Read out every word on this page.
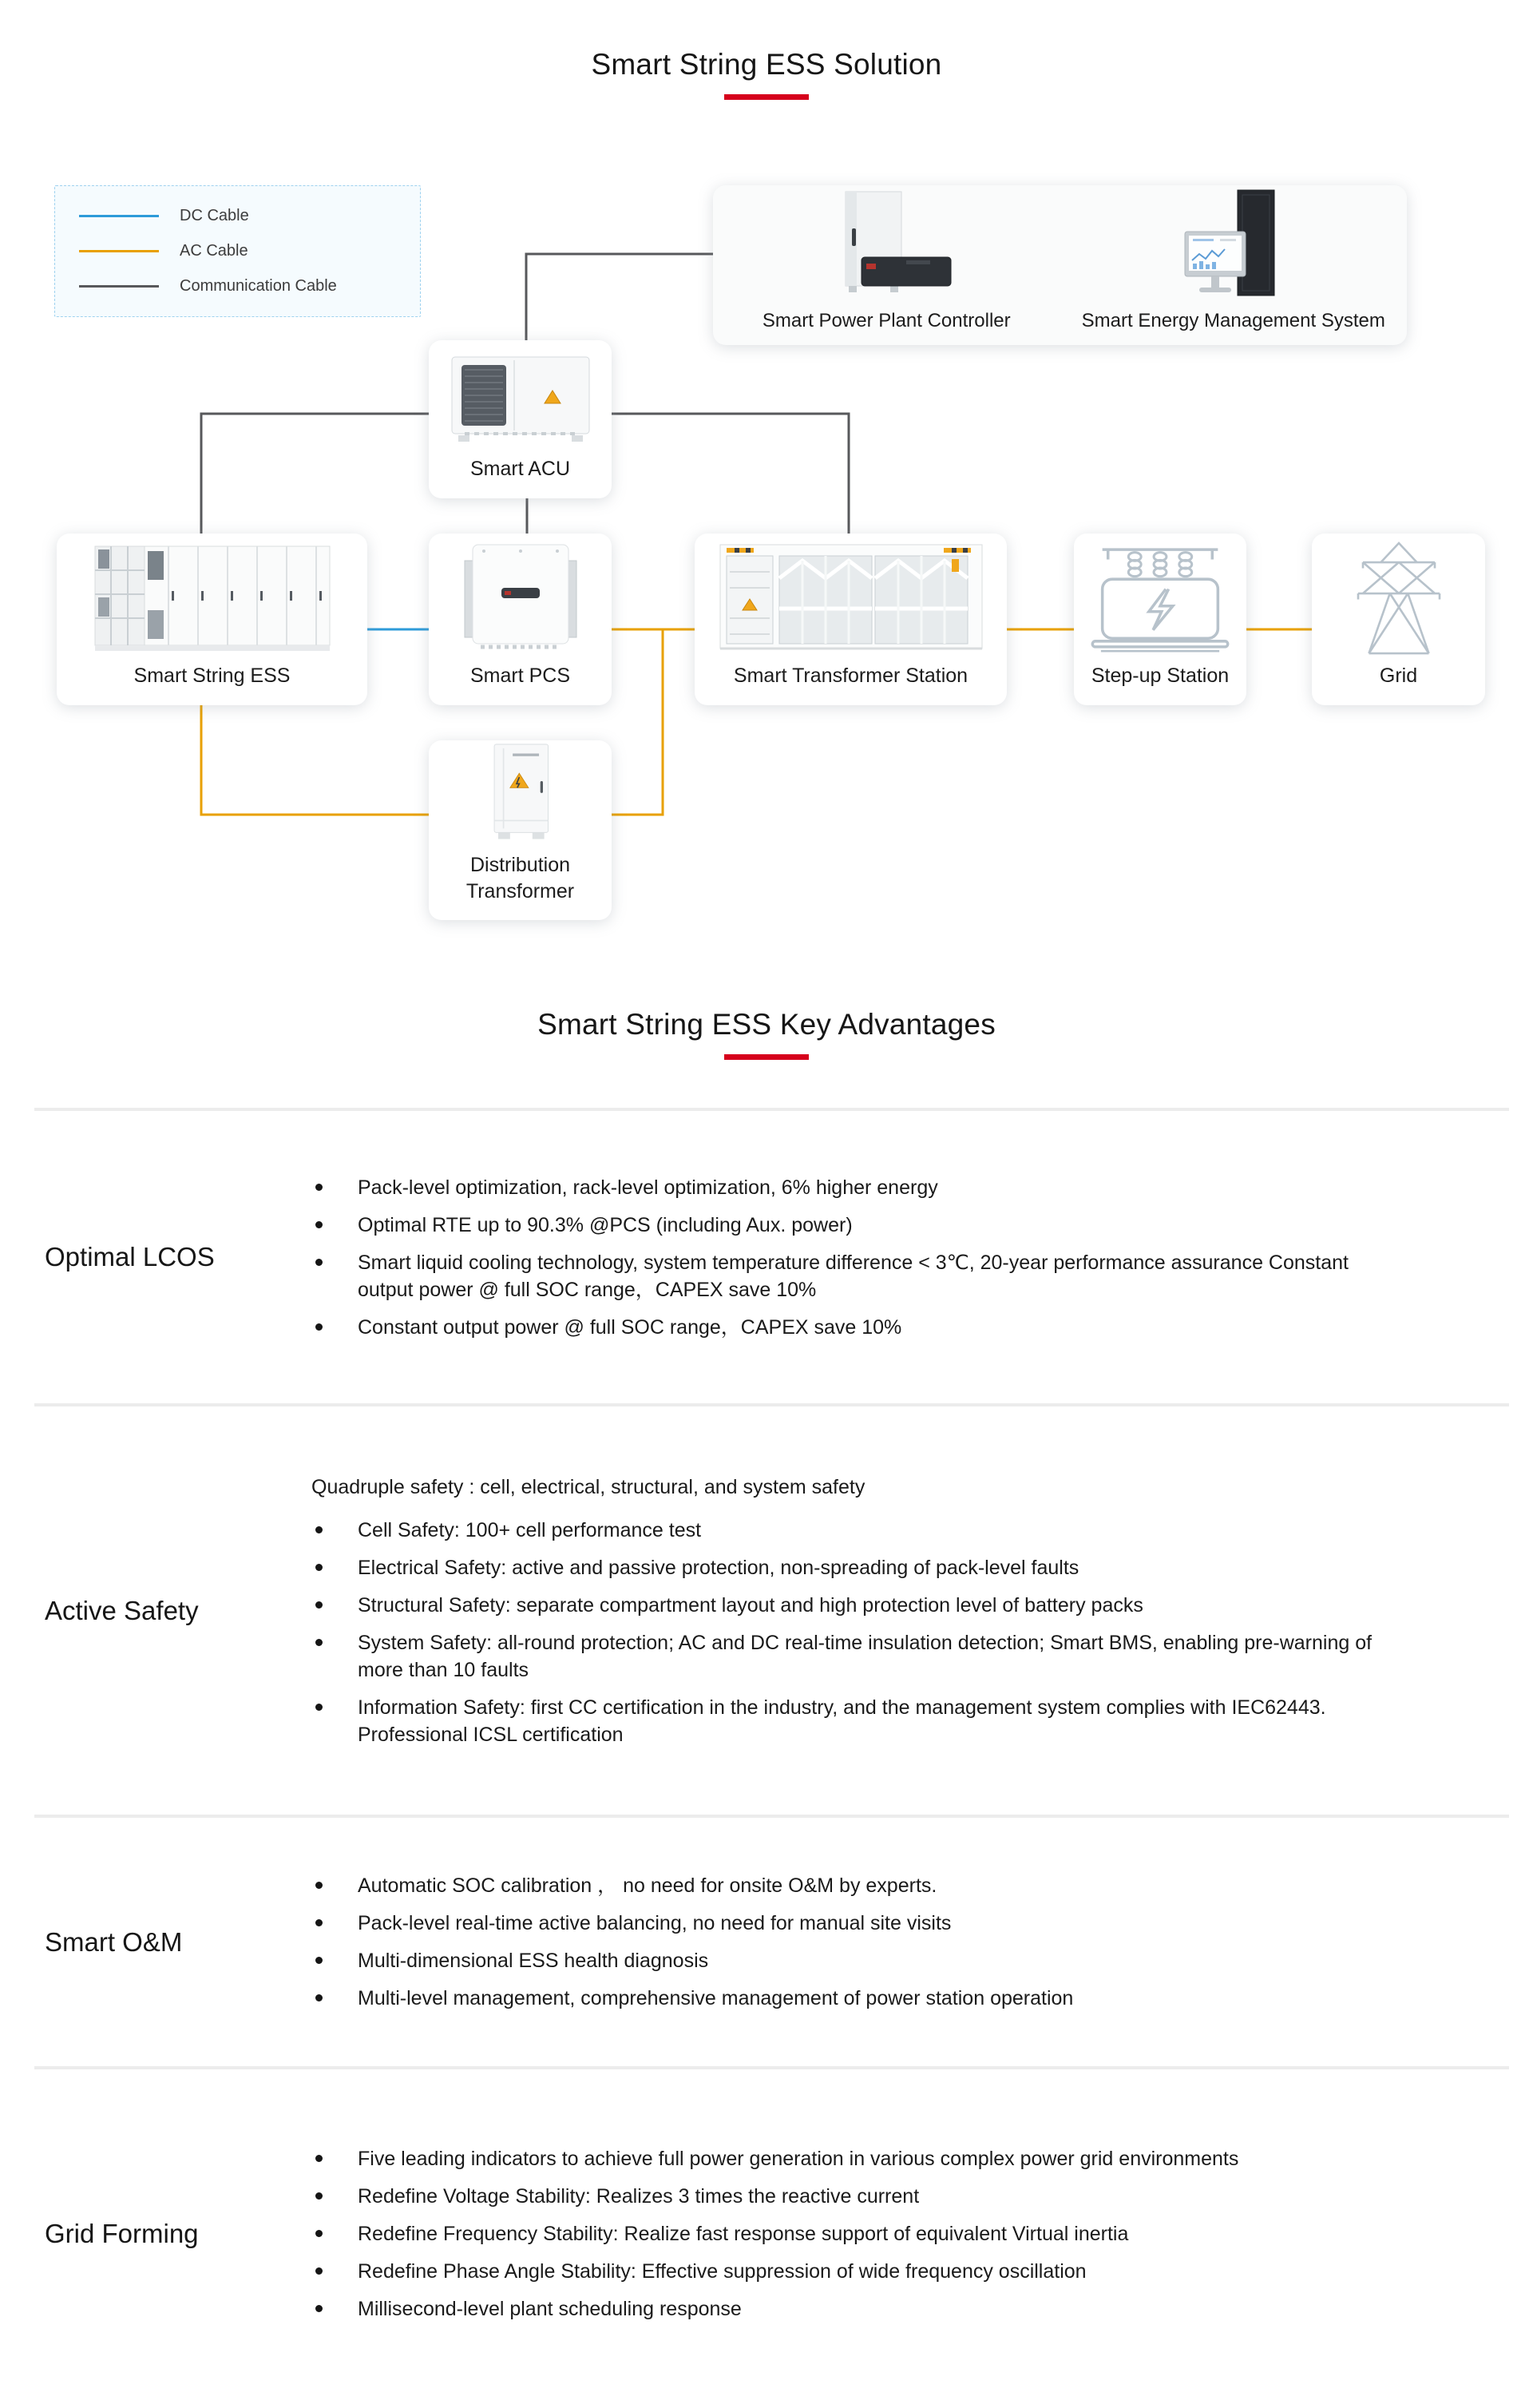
Smart String ESS Solution
DC Cable
AC Cable
Communication Cable
Smart Power Plant Controller	Smart Energy Management System
Smart ACU
Smart String ESS	Smart PCS	Smart Transformer Station	Step-up Station	Grid
Distribution Transformer
Smart String ESS Key Advantages
Optimal LCOS
Pack-level optimization, rack-level optimization, 6% higher energy
Optimal RTE up to 90.3% @PCS (including Aux. power)
Smart liquid cooling technology, system temperature difference < 3℃, 20-year performance assurance Constant output power @ full SOC range，CAPEX save 10%
Constant output power @ full SOC range，CAPEX save 10%
Active Safety
Quadruple safety : cell, electrical, structural, and system safety
Cell Safety: 100+ cell performance test
Electrical Safety: active and passive protection, non-spreading of pack-level faults
Structural Safety: separate compartment layout and high protection level of battery packs
System Safety: all-round protection; AC and DC real-time insulation detection; Smart BMS, enabling pre-warning of more than 10 faults
Information Safety: first CC certification in the industry, and the management system complies with IEC62443. Professional ICSL certification
Smart O&M
Automatic SOC calibration ， no need for onsite O&M by experts.
Pack-level real-time active balancing, no need for manual site visits
Multi-dimensional ESS health diagnosis
Multi-level management, comprehensive management of power station operation
Grid Forming
Five leading indicators to achieve full power generation in various complex power grid environments
Redefine Voltage Stability: Realizes 3 times the reactive current
Redefine Frequency Stability: Realize fast response support of equivalent Virtual inertia
Redefine Phase Angle Stability: Effective suppression of wide frequency oscillation
Millisecond-level plant scheduling response
